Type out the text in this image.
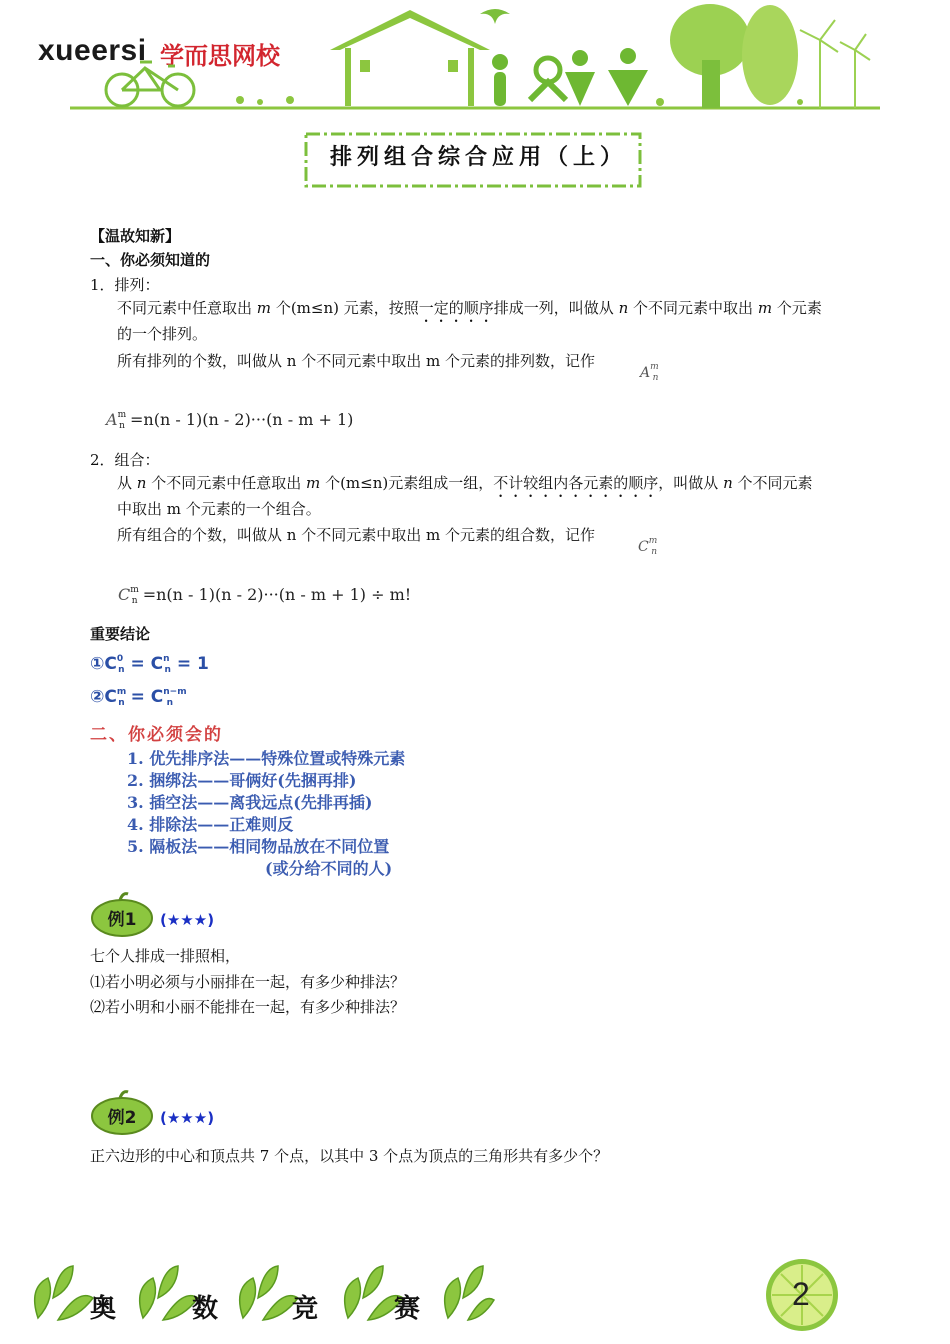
xueersi 学而思网校
排列组合综合应用（上）
【温故知新】
一、你必须知道的
1．排列：
不同元素中任意取出 m 个(m≤n) 元素，按照一定的顺序排成一列，叫做从 n 个不同元素中取出 m 个元素
的一个排列。
所有排列的个数，叫做从 n 个不同元素中取出 m 个元素的排列数，记作
$A^m_n$
$A^m_n =n(n - 1)(n - 2)\cdot\cdot\cdot(n - m + 1)$
2．组合：
从 n 个不同元素中任意取出 m 个(m≤n)元素组成一组，不计较组内各元素的顺序，叫做从 n 个不同元素
中取出 m 个元素的一个组合。
所有组合的个数，叫做从 n 个不同元素中取出 m 个元素的组合数，记作
$C^m_n$
$C^m_n =n(n - 1)(n - 2)\cdot\cdot\cdot(n - m + 1) \div m$!
重要结论
$①C^0_n = C^n_n = 1$
$②C^m_n = C^{n-m}_n$
二、你必须会的
1. 优先排序法——特殊位置或特殊元素
2. 捆绑法——哥俩好(先捆再排)
3. 插空法——离我远点(先排再插)
4. 排除法——正难则反
5. 隔板法——相同物品放在不同位置
(或分给不同的人)
例1 (★★★)
七个人排成一排照相，
⑴若小明必须与小丽排在一起，有多少种排法？
⑵若小明和小丽不能排在一起，有多少种排法？
例2 (★★★)
正六边形的中心和顶点共 7 个点，以其中 3 个点为顶点的三角形共有多少个？
奥	数	竞	赛	2
